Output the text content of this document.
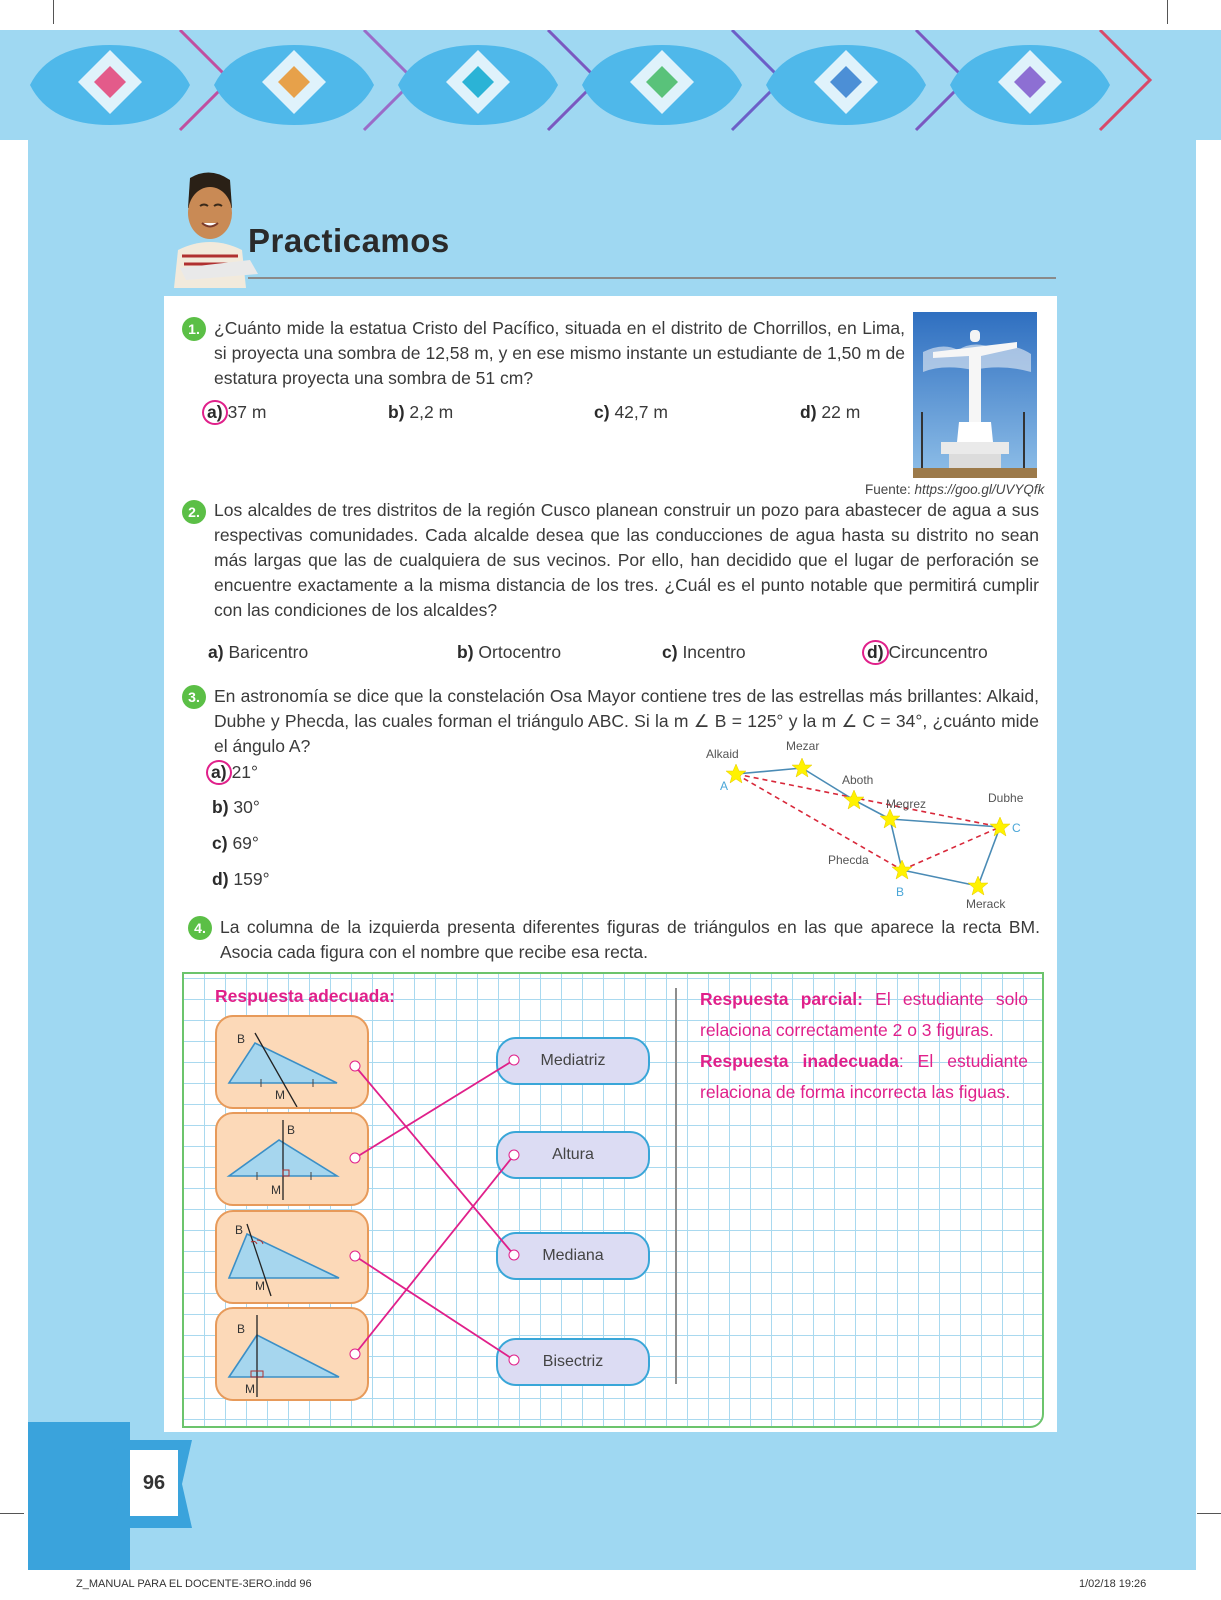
Practicamos
1. ¿Cuánto mide la estatua Cristo del Pacífico, situada en el distrito de Chorrillos, en Lima, si proyecta una sombra de 12,58 m, y en ese mismo instante un estudiante de 1,50 m de estatura proyecta una sombra de 51 cm?
a) 37 m	b) 2,2 m	c) 42,7 m	d) 22 m
Fuente: https://goo.gl/UVYQfk
2. Los alcaldes de tres distritos de la región Cusco planean construir un pozo para abastecer de agua a sus respectivas comunidades. Cada alcalde desea que las conducciones de agua hasta su distrito no sean más largas que las de cualquiera de sus vecinos. Por ello, han decidido que el lugar de perforación se encuentre exactamente a la misma distancia de los tres. ¿Cuál es el punto notable que permitirá cumplir con las condiciones de los alcaldes?
a) Baricentro	b) Ortocentro	c) Incentro	d) Circuncentro
3. En astronomía se dice que la constelación Osa Mayor contiene tres de las estrellas más brillantes: Alkaid, Dubhe y Phecda, las cuales forman el triángulo ABC. Si la m ∠ B = 125° y la m ∠ C = 34°, ¿cuánto mide el ángulo A?
a) 21°
b) 30°
c) 69°
d) 159°
Alkaid
Mezar
Aboth
Megrez	Dubhe
Phecda
Merack
A
B
C
4. La columna de la izquierda presenta diferentes figuras de triángulos en las que aparece la recta BM. Asocia cada figura con el nombre que recibe esa recta.
Respuesta adecuada:	Respuesta parcial: El estudiante solo relaciona correctamente 2 o 3 figuras.
Respuesta inadecuada: El estudiante relaciona de forma incorrecta las figuas.
B
M
B
M
B
M
B
M
Mediatriz
Altura
Mediana
Bisectriz
96
Z_MANUAL PARA EL DOCENTE-3ERO.indd 96	1/02/18 19:26
